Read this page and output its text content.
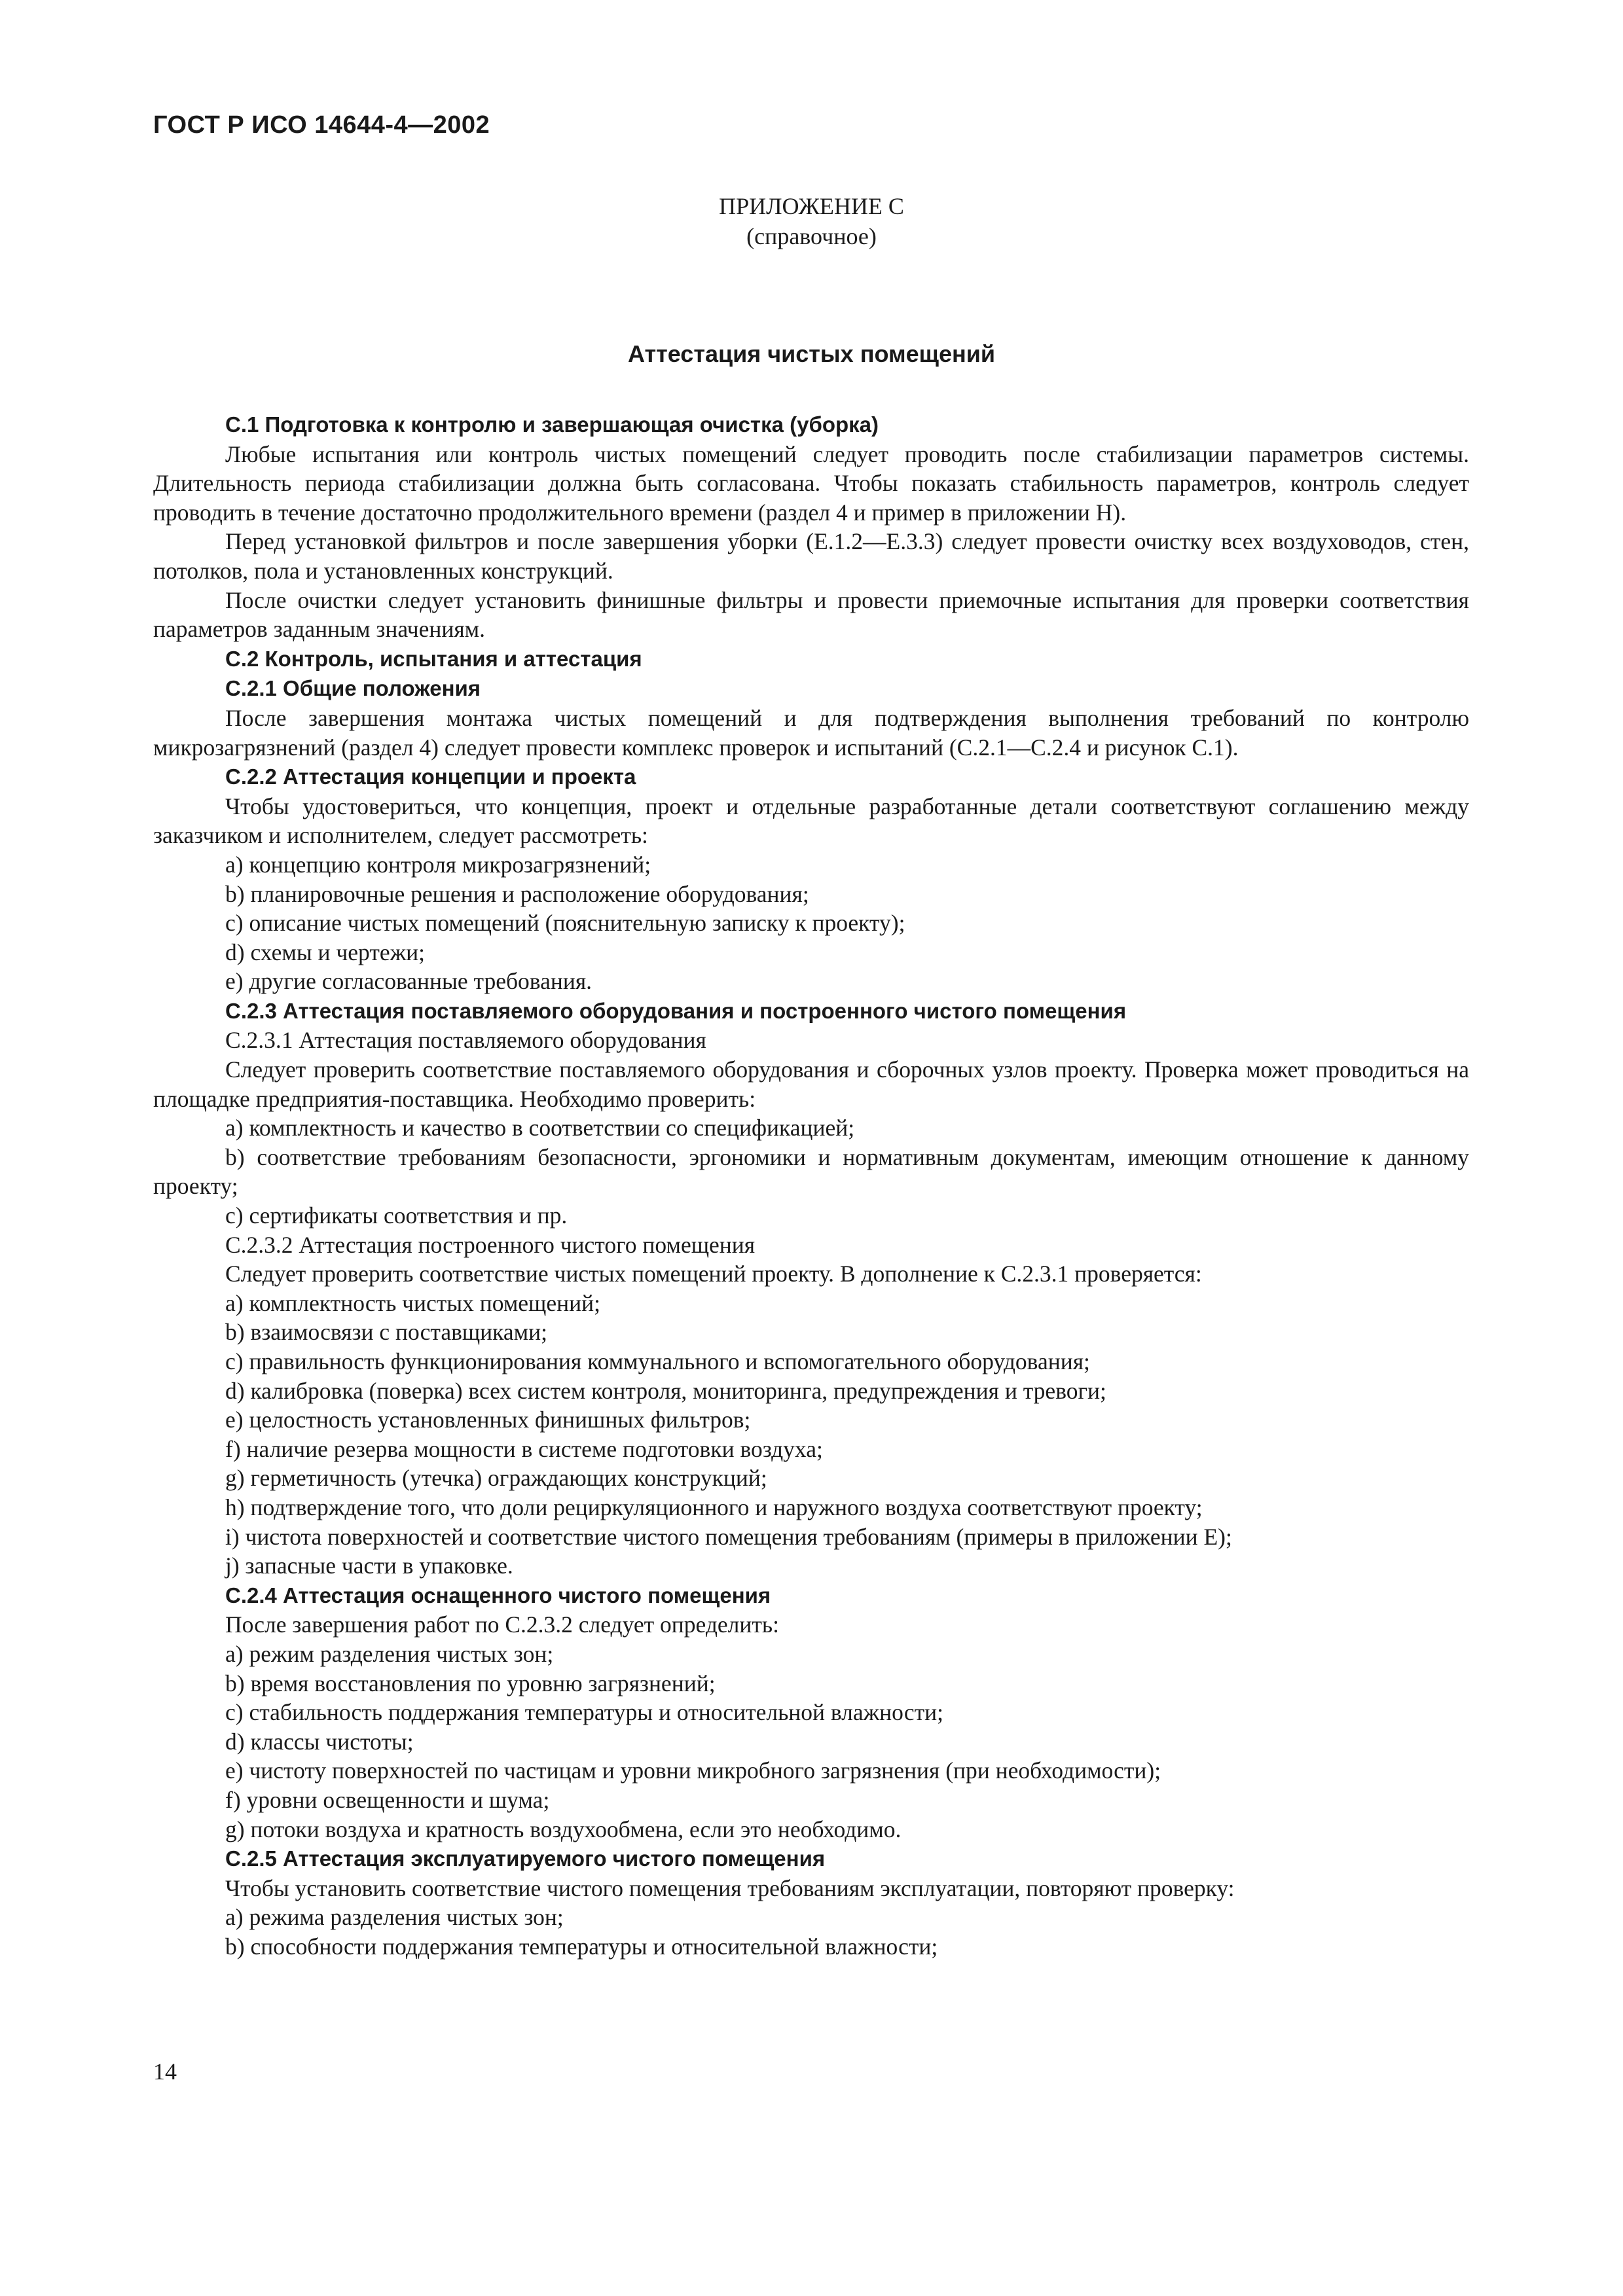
ГОСТ Р ИСО 14644-4—2002
ПРИЛОЖЕНИЕ С
(справочное)
Аттестация чистых помещений

С.1 Подготовка к контролю и завершающая очистка (уборка)

Любые испытания или контроль чистых помещений следует проводить после стабилизации параметров системы. Длительность периода стабилизации должна быть согласована. Чтобы показать стабильность параметров, контроль следует проводить в течение достаточно продолжительного времени (раздел 4 и пример в приложении Н).

Перед установкой фильтров и после завершения уборки (Е.1.2—Е.3.3) следует провести очистку всех воздуховодов, стен, потолков, пола и установленных конструкций.

После очистки следует установить финишные фильтры и провести приемочные испытания для проверки соответствия параметров заданным значениям.

С.2 Контроль, испытания и аттестация

С.2.1 Общие положения

После завершения монтажа чистых помещений и для подтверждения выполнения требований по контролю микрозагрязнений (раздел 4) следует провести комплекс проверок и испытаний (С.2.1—С.2.4 и рисунок С.1).

С.2.2 Аттестация концепции и проекта

Чтобы удостовериться, что концепция, проект и отдельные разработанные детали соответствуют соглашению между заказчиком и исполнителем, следует рассмотреть:

a) концепцию контроля микрозагрязнений;

b) планировочные решения и расположение оборудования;

c) описание чистых помещений (пояснительную записку к проекту);

d) схемы и чертежи;

e) другие согласованные требования.

С.2.3 Аттестация поставляемого оборудования и построенного чистого помещения

С.2.3.1 Аттестация поставляемого оборудования

Следует проверить соответствие поставляемого оборудования и сборочных узлов проекту. Проверка может проводиться на площадке предприятия-поставщика. Необходимо проверить:

a) комплектность и качество в соответствии со спецификацией;

b) соответствие требованиям безопасности, эргономики и нормативным документам, имеющим отношение к данному проекту;

c) сертификаты соответствия и пр.

С.2.3.2 Аттестация построенного чистого помещения

Следует проверить соответствие чистых помещений проекту. В дополнение к С.2.3.1 проверяется:

a) комплектность чистых помещений;

b) взаимосвязи с поставщиками;

c) правильность функционирования коммунального и вспомогательного оборудования;

d) калибровка (поверка) всех систем контроля, мониторинга, предупреждения и тревоги;

e) целостность установленных финишных фильтров;

f) наличие резерва мощности в системе подготовки воздуха;

g) герметичность (утечка) ограждающих конструкций;

h) подтверждение того, что доли рециркуляционного и наружного воздуха соответствуют проекту;

i) чистота поверхностей и соответствие чистого помещения требованиям (примеры в приложении Е);

j) запасные части в упаковке.

С.2.4 Аттестация оснащенного чистого помещения

После завершения работ по С.2.3.2 следует определить:

a) режим разделения чистых зон;

b) время восстановления по уровню загрязнений;

c) стабильность поддержания температуры и относительной влажности;

d) классы чистоты;

e) чистоту поверхностей по частицам и уровни микробного загрязнения (при необходимости);

f) уровни освещенности и шума;

g) потоки воздуха и кратность воздухообмена, если это необходимо.

С.2.5 Аттестация эксплуатируемого чистого помещения

Чтобы установить соответствие чистого помещения требованиям эксплуатации, повторяют проверку:

a) режима разделения чистых зон;

b) способности поддержания температуры и относительной влажности;

14
